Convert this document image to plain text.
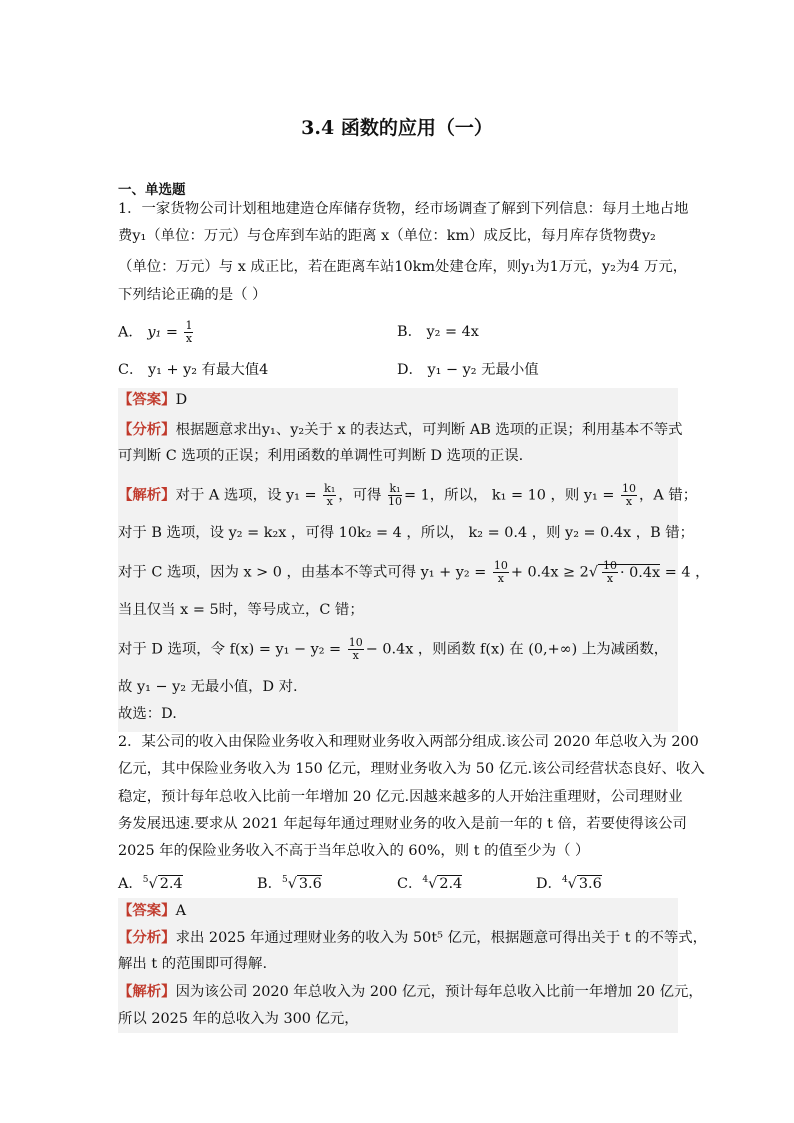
3.4 函数的应用（一）
一、单选题
1．一家货物公司计划租地建造仓库储存货物，经市场调查了解到下列信息：每月土地占地
费y₁（单位：万元）与仓库到车站的距离 x（单位：km）成反比，每月库存货物费y₂
（单位：万元）与 x 成正比，若在距离车站10km处建仓库，则y₁为1万元，y₂为4 万元，
下列结论正确的是（ ）
A． $y_1 = \frac{1}{x}$	B． y₂ = 4x
C． y₁ + y₂ 有最大值4	D． y₁ − y₂ 无最小值
【答案】D
【分析】根据题意求出y₁、y₂关于 x 的表达式，可判断 AB 选项的正误；利用基本不等式
可判断 C 选项的正误；利用函数的单调性可判断 D 选项的正误.
【解析】对于 A 选项，设 $y_1 = \frac{\text{k₁}}{x}$ ，可得 $\frac{\text{k₁}}{10} = 1$，所以， k₁ = 10 ，则 $y_1 = \frac{10}{x}$ ，A 错；
对于 B 选项，设 y₂ = k₂x ，可得 10k₂ = 4 ，所以， k₂ = 0.4 ，则 y₂ = 0.4x ，B 错；
对于 C 选项，因为 x > 0 ，由基本不等式可得 $y_1 + y_2 = \frac{10}{x} + 0.4x \ge 2√ \frac{10}{x} \cdot 0.4x = 4$ ，
当且仅当 x = 5时，等号成立，C 错；
对于 D 选项，令 $f(x) = y_1 - y_2 = \frac{10}{x} - 0.4x$ ，则函数 f(x) 在 (0,+∞) 上为减函数，
故 y₁ − y₂ 无最小值，D 对.
故选：D.
2．某公司的收入由保险业务收入和理财业务收入两部分组成.该公司 2020 年总收入为 200
亿元，其中保险业务收入为 150 亿元，理财业务收入为 50 亿元.该公司经营状态良好、收入
稳定，预计每年总收入比前一年增加 20 亿元.因越来越多的人开始注重理财，公司理财业
务发展迅速.要求从 2021 年起每年通过理财业务的收入是前一年的 t 倍，若要使得该公司
2025 年的保险业务收入不高于当年总收入的 60%，则 t 的值至少为（ ）
A．$^5$√ 2.4	B．$^5$√ 3.6	C．$^4$√ 2.4	D．$^4$√ 3.6
【答案】A
【分析】求出 2025 年通过理财业务的收入为 50t⁵ 亿元，根据题意可得出关于 t 的不等式，
解出 t 的范围即可得解.
【解析】因为该公司 2020 年总收入为 200 亿元，预计每年总收入比前一年增加 20 亿元，
所以 2025 年的总收入为 300 亿元，
